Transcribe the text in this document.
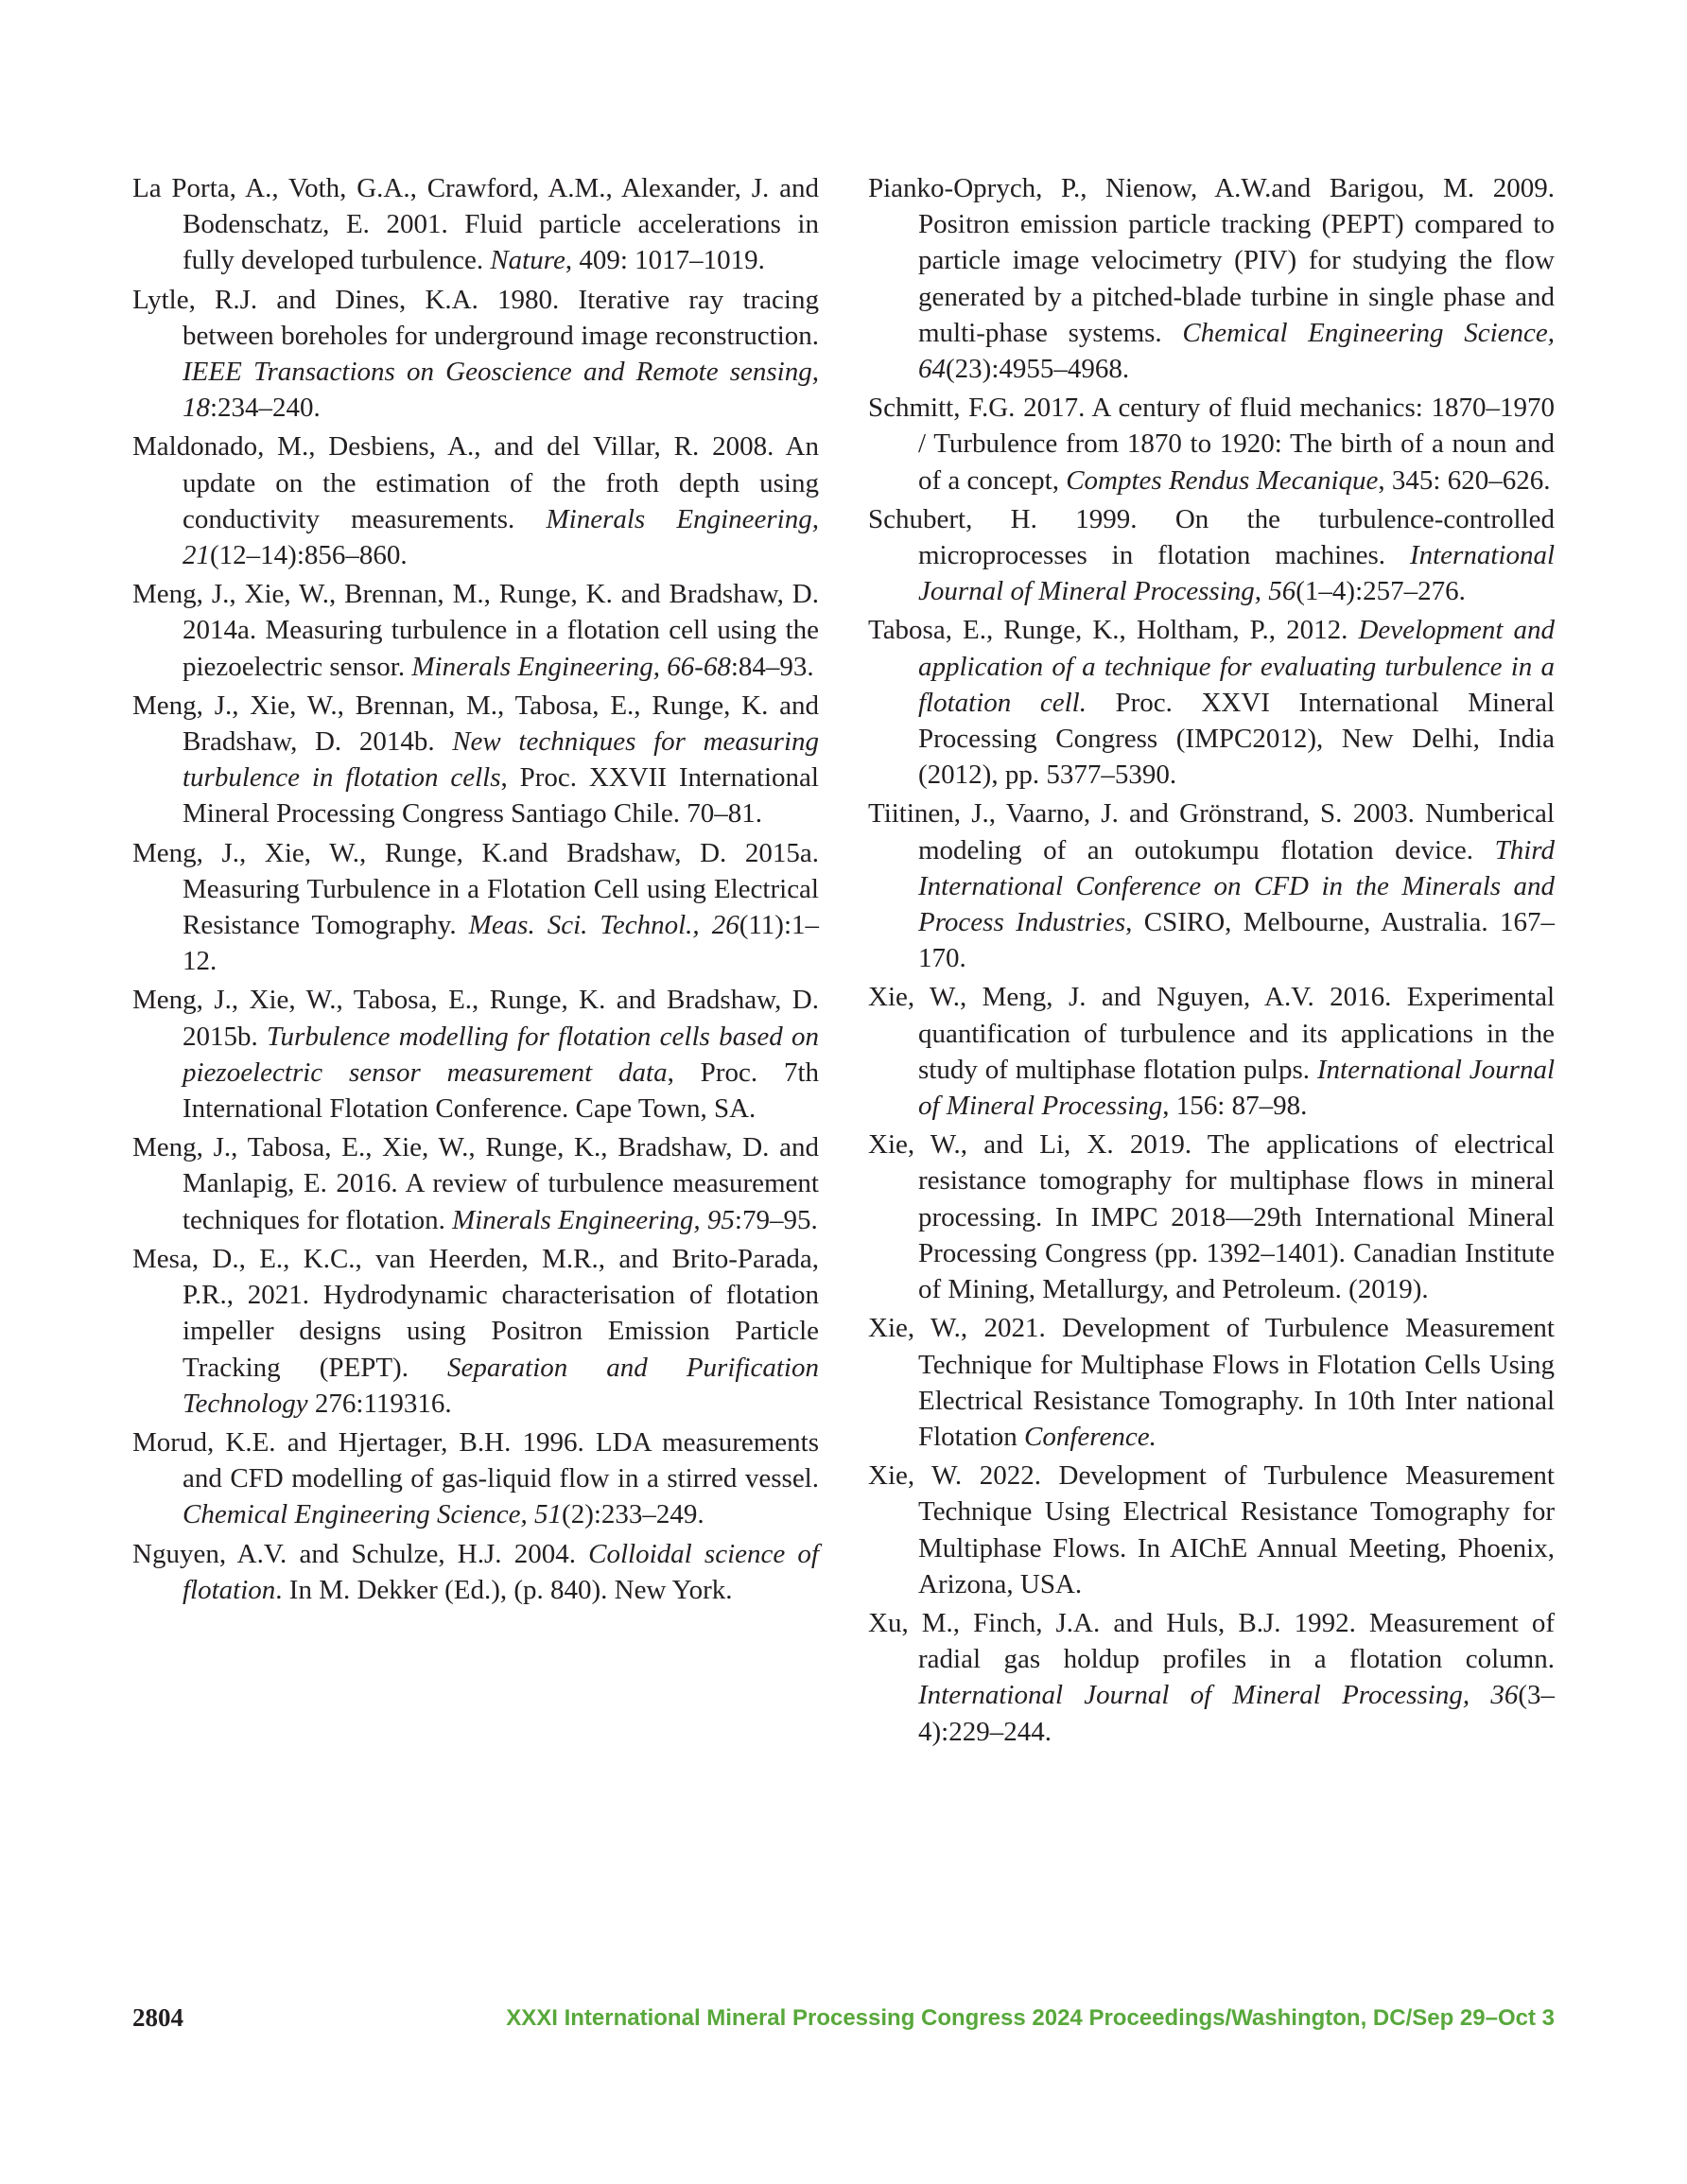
La Porta, A., Voth, G.A., Crawford, A.M., Alexander, J. and Bodenschatz, E. 2001. Fluid particle accelerations in fully developed turbulence. Nature, 409: 1017–1019.

Lytle, R.J. and Dines, K.A. 1980. Iterative ray tracing between boreholes for underground image reconstruction. IEEE Transactions on Geoscience and Remote sensing, 18:234–240.

Maldonado, M., Desbiens, A., and del Villar, R. 2008. An update on the estimation of the froth depth using conductivity measurements. Minerals Engineering, 21(12–14):856–860.

Meng, J., Xie, W., Brennan, M., Runge, K. and Bradshaw, D. 2014a. Measuring turbulence in a flotation cell using the piezoelectric sensor. Minerals Engineering, 66-68:84–93.

Meng, J., Xie, W., Brennan, M., Tabosa, E., Runge, K. and Bradshaw, D. 2014b. New techniques for measuring turbulence in flotation cells, Proc. XXVII International Mineral Processing Congress Santiago Chile. 70–81.

Meng, J., Xie, W., Runge, K.and Bradshaw, D. 2015a. Measuring Turbulence in a Flotation Cell using Electrical Resistance Tomography. Meas. Sci. Technol., 26(11):1–12.

Meng, J., Xie, W., Tabosa, E., Runge, K. and Bradshaw, D. 2015b. Turbulence modelling for flotation cells based on piezoelectric sensor measurement data, Proc. 7th International Flotation Conference. Cape Town, SA.

Meng, J., Tabosa, E., Xie, W., Runge, K., Bradshaw, D. and Manlapig, E. 2016. A review of turbulence measurement techniques for flotation. Minerals Engineering, 95:79–95.

Mesa, D., E., K.C., van Heerden, M.R., and Brito-Parada, P.R., 2021. Hydrodynamic characterisation of flotation impeller designs using Positron Emission Particle Tracking (PEPT). Separation and Purification Technology 276:119316.

Morud, K.E. and Hjertager, B.H. 1996. LDA measurements and CFD modelling of gas-liquid flow in a stirred vessel. Chemical Engineering Science, 51(2):233–249.

Nguyen, A.V. and Schulze, H.J. 2004. Colloidal science of flotation. In M. Dekker (Ed.), (p. 840). New York.

Pianko-Oprych, P., Nienow, A.W.and Barigou, M. 2009. Positron emission particle tracking (PEPT) compared to particle image velocimetry (PIV) for studying the flow generated by a pitched-blade turbine in single phase and multi-phase systems. Chemical Engineering Science, 64(23):4955–4968.

Schmitt, F.G. 2017. A century of fluid mechanics: 1870–1970 / Turbulence from 1870 to 1920: The birth of a noun and of a concept, Comptes Rendus Mecanique, 345: 620–626.

Schubert, H. 1999. On the turbulence-controlled microprocesses in flotation machines. International Journal of Mineral Processing, 56(1–4):257–276.

Tabosa, E., Runge, K., Holtham, P., 2012. Development and application of a technique for evaluating turbulence in a flotation cell. Proc. XXVI International Mineral Processing Congress (IMPC2012), New Delhi, India (2012), pp. 5377–5390.

Tiitinen, J., Vaarno, J. and Grönstrand, S. 2003. Numberical modeling of an outokumpu flotation device. Third International Conference on CFD in the Minerals and Process Industries, CSIRO, Melbourne, Australia. 167–170.

Xie, W., Meng, J. and Nguyen, A.V. 2016. Experimental quantification of turbulence and its applications in the study of multiphase flotation pulps. International Journal of Mineral Processing, 156: 87–98.

Xie, W., and Li, X. 2019. The applications of electrical resistance tomography for multiphase flows in mineral processing. In IMPC 2018—29th International Mineral Processing Congress (pp. 1392–1401). Canadian Institute of Mining, Metallurgy, and Petroleum. (2019).

Xie, W., 2021. Development of Turbulence Measurement Technique for Multiphase Flows in Flotation Cells Using Electrical Resistance Tomography. In 10th Inter national Flotation Conference.

Xie, W. 2022. Development of Turbulence Measurement Technique Using Electrical Resistance Tomography for Multiphase Flows. In AIChE Annual Meeting, Phoenix, Arizona, USA.

Xu, M., Finch, J.A. and Huls, B.J. 1992. Measurement of radial gas holdup profiles in a flotation column. International Journal of Mineral Processing, 36(3–4):229–244.

2804	XXXI International Mineral Processing Congress 2024 Proceedings/Washington, DC/Sep 29–Oct 3
